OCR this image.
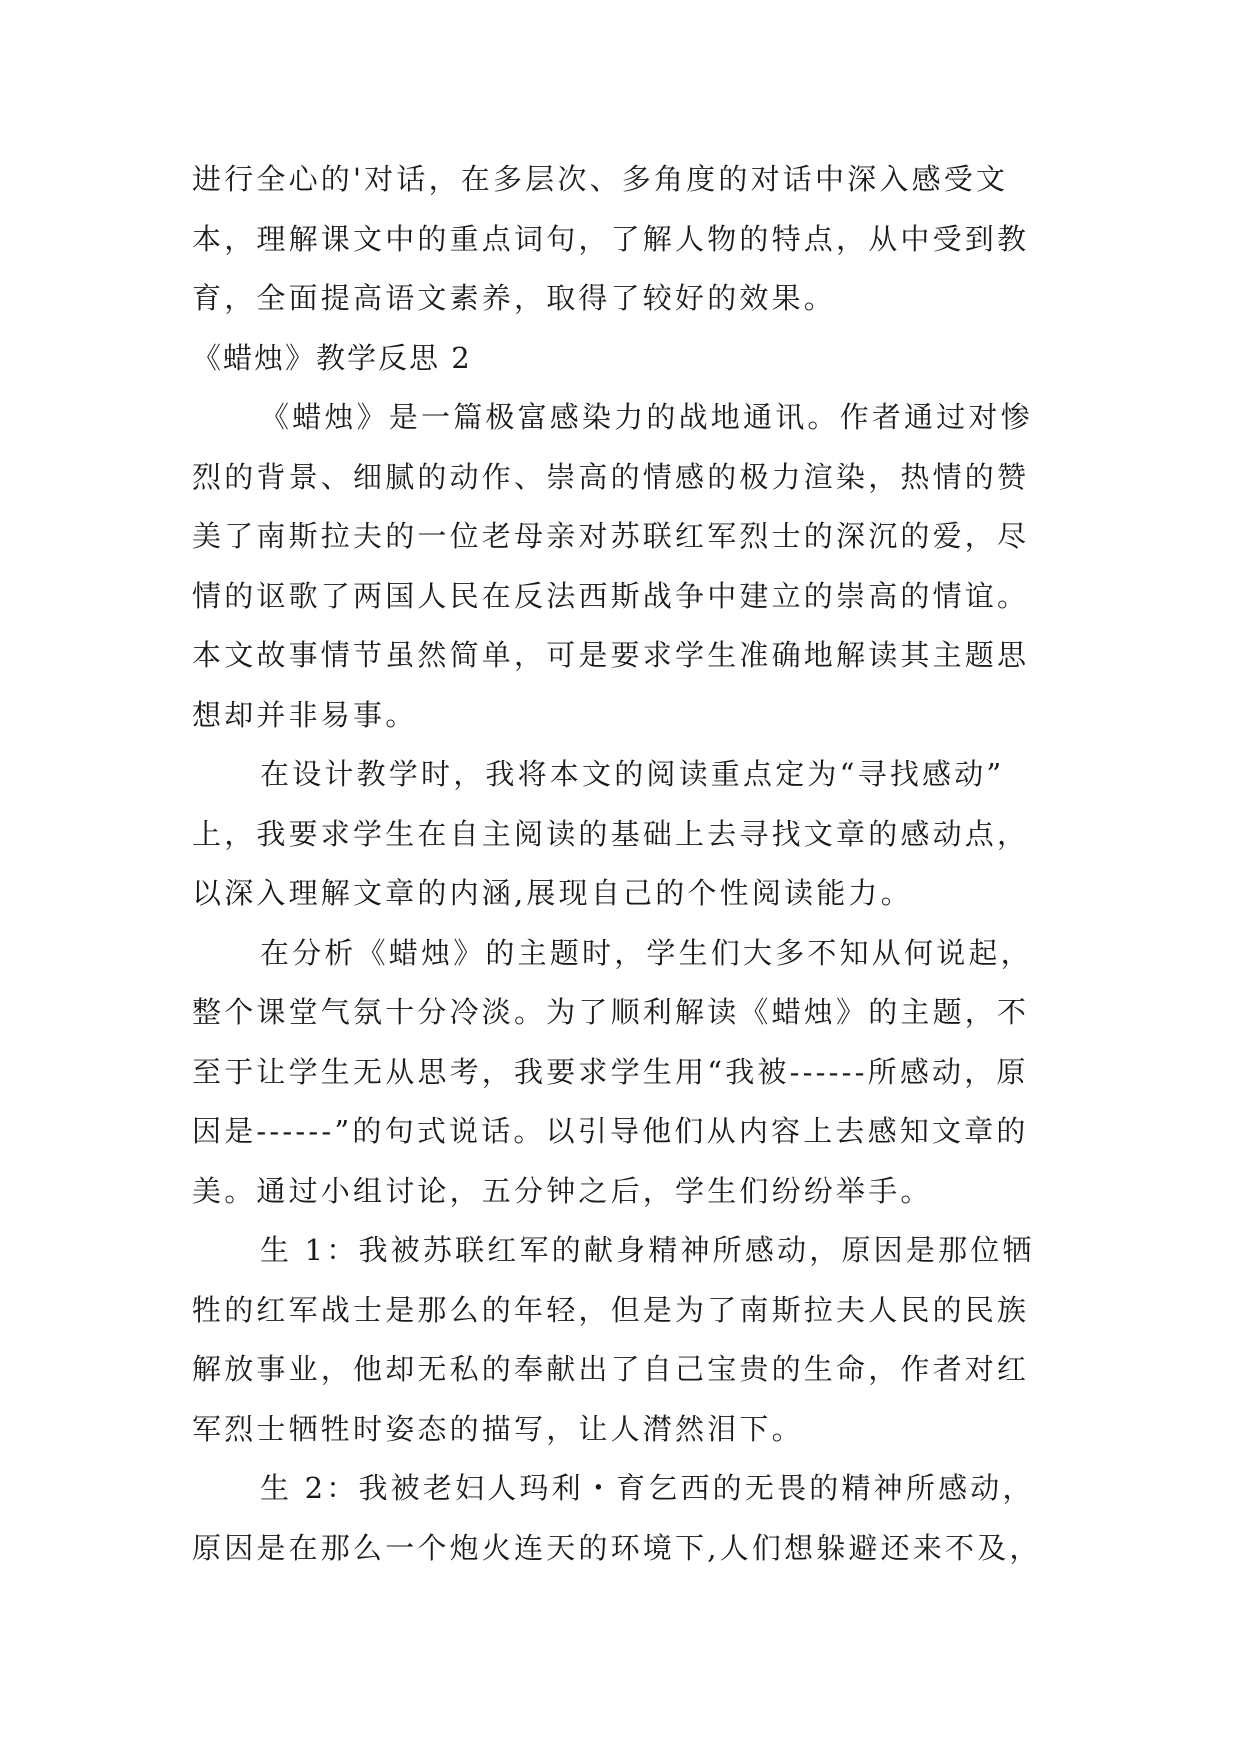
进行全心的'对话，在多层次、多角度的对话中深入感受文
本，理解课文中的重点词句，了解人物的特点，从中受到教
育，全面提高语文素养，取得了较好的效果。
《蜡烛》教学反思 2
《蜡烛》是一篇极富感染力的战地通讯。作者通过对惨
烈的背景、细腻的动作、崇高的情感的极力渲染，热情的赞
美了南斯拉夫的一位老母亲对苏联红军烈士的深沉的爱，尽
情的讴歌了两国人民在反法西斯战争中建立的崇高的情谊。
本文故事情节虽然简单，可是要求学生准确地解读其主题思
想却并非易事。
在设计教学时，我将本文的阅读重点定为“寻找感动”
上，我要求学生在自主阅读的基础上去寻找文章的感动点，
以深入理解文章的内涵,展现自己的个性阅读能力。
在分析《蜡烛》的主题时，学生们大多不知从何说起，
整个课堂气氛十分冷淡。为了顺利解读《蜡烛》的主题，不
至于让学生无从思考，我要求学生用“我被------所感动，原
因是------”的句式说话。以引导他们从内容上去感知文章的
美。通过小组讨论，五分钟之后，学生们纷纷举手。
生 1：我被苏联红军的献身精神所感动，原因是那位牺
牲的红军战士是那么的年轻，但是为了南斯拉夫人民的民族
解放事业，他却无私的奉献出了自己宝贵的生命，作者对红
军烈士牺牲时姿态的描写，让人潸然泪下。
生 2：我被老妇人玛利・育乞西的无畏的精神所感动，
原因是在那么一个炮火连天的环境下,人们想躲避还来不及，
